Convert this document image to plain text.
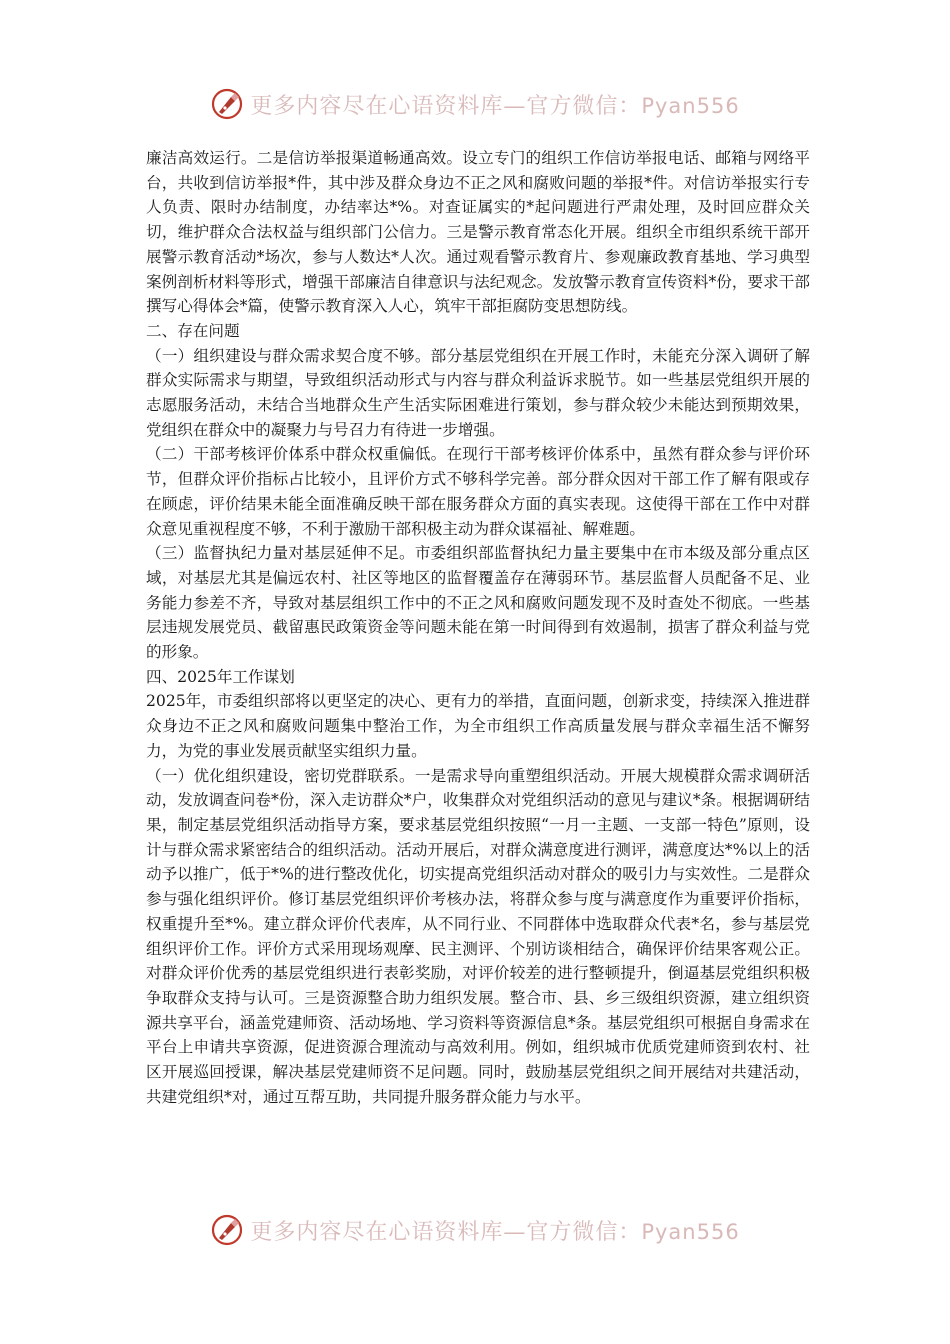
更多内容尽在心语资料库—官方微信：Pyan556

廉洁高效运行。二是信访举报渠道畅通高效。设立专门的组织工作信访举报电话、邮箱与网络平台，共收到信访举报*件，其中涉及群众身边不正之风和腐败问题的举报*件。对信访举报实行专人负责、限时办结制度，办结率达*%。对查证属实的*起问题进行严肃处理，及时回应群众关切，维护群众合法权益与组织部门公信力。三是警示教育常态化开展。组织全市组织系统干部开展警示教育活动*场次，参与人数达*人次。通过观看警示教育片、参观廉政教育基地、学习典型案例剖析材料等形式，增强干部廉洁自律意识与法纪观念。发放警示教育宣传资料*份，要求干部撰写心得体会*篇，使警示教育深入人心，筑牢干部拒腐防变思想防线。

二、存在问题

（一）组织建设与群众需求契合度不够。部分基层党组织在开展工作时，未能充分深入调研了解群众实际需求与期望，导致组织活动形式与内容与群众利益诉求脱节。如一些基层党组织开展的志愿服务活动，未结合当地群众生产生活实际困难进行策划，参与群众较少未能达到预期效果，党组织在群众中的凝聚力与号召力有待进一步增强。

（二）干部考核评价体系中群众权重偏低。在现行干部考核评价体系中，虽然有群众参与评价环节，但群众评价指标占比较小，且评价方式不够科学完善。部分群众因对干部工作了解有限或存在顾虑，评价结果未能全面准确反映干部在服务群众方面的真实表现。这使得干部在工作中对群众意见重视程度不够，不利于激励干部积极主动为群众谋福祉、解难题。

（三）监督执纪力量对基层延伸不足。市委组织部监督执纪力量主要集中在市本级及部分重点区域，对基层尤其是偏远农村、社区等地区的监督覆盖存在薄弱环节。基层监督人员配备不足、业务能力参差不齐，导致对基层组织工作中的不正之风和腐败问题发现不及时查处不彻底。一些基层违规发展党员、截留惠民政策资金等问题未能在第一时间得到有效遏制，损害了群众利益与党的形象。

四、2025年工作谋划

2025年，市委组织部将以更坚定的决心、更有力的举措，直面问题，创新求变，持续深入推进群众身边不正之风和腐败问题集中整治工作，为全市组织工作高质量发展与群众幸福生活不懈努力，为党的事业发展贡献坚实组织力量。

（一）优化组织建设，密切党群联系。一是需求导向重塑组织活动。开展大规模群众需求调研活动，发放调查问卷*份，深入走访群众*户，收集群众对党组织活动的意见与建议*条。根据调研结果，制定基层党组织活动指导方案，要求基层党组织按照“一月一主题、一支部一特色”原则，设计与群众需求紧密结合的组织活动。活动开展后，对群众满意度进行测评，满意度达*%以上的活动予以推广，低于*%的进行整改优化，切实提高党组织活动对群众的吸引力与实效性。二是群众参与强化组织评价。修订基层党组织评价考核办法，将群众参与度与满意度作为重要评价指标，权重提升至*%。建立群众评价代表库，从不同行业、不同群体中选取群众代表*名，参与基层党组织评价工作。评价方式采用现场观摩、民主测评、个别访谈相结合，确保评价结果客观公正。对群众评价优秀的基层党组织进行表彰奖励，对评价较差的进行整顿提升，倒逼基层党组织积极争取群众支持与认可。三是资源整合助力组织发展。整合市、县、乡三级组织资源，建立组织资源共享平台，涵盖党建师资、活动场地、学习资料等资源信息*条。基层党组织可根据自身需求在平台上申请共享资源，促进资源合理流动与高效利用。例如，组织城市优质党建师资到农村、社区开展巡回授课，解决基层党建师资不足问题。同时，鼓励基层党组织之间开展结对共建活动，共建党组织*对，通过互帮互助，共同提升服务群众能力与水平。

更多内容尽在心语资料库—官方微信：Pyan556
